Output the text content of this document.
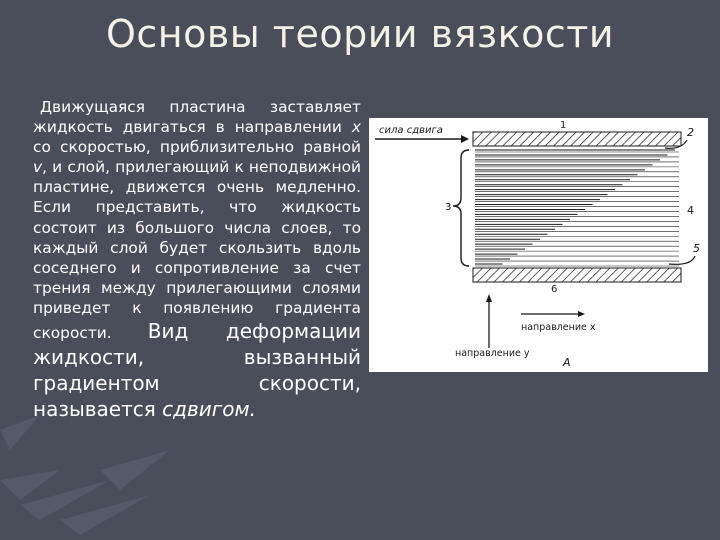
Основы теории вязкости
Движущаяся пластина заставляет жидкость двигаться в направлении x со скоростью, приблизительно равной v, и слой, прилегающий к неподвижной пластине, движется очень медленно. Если представить, что жидкость состоит из большого числа слоев, то каждый слой будет скользить вдоль соседнего и сопротивление за счет трения между прилегающими слоями приведет к появлению градиента скорости. Вид деформации жидкости, вызванный градиентом скорости, называется сдвигом.
сила сдвига	1
2
3	4
5
6
направление x
направление y
А
